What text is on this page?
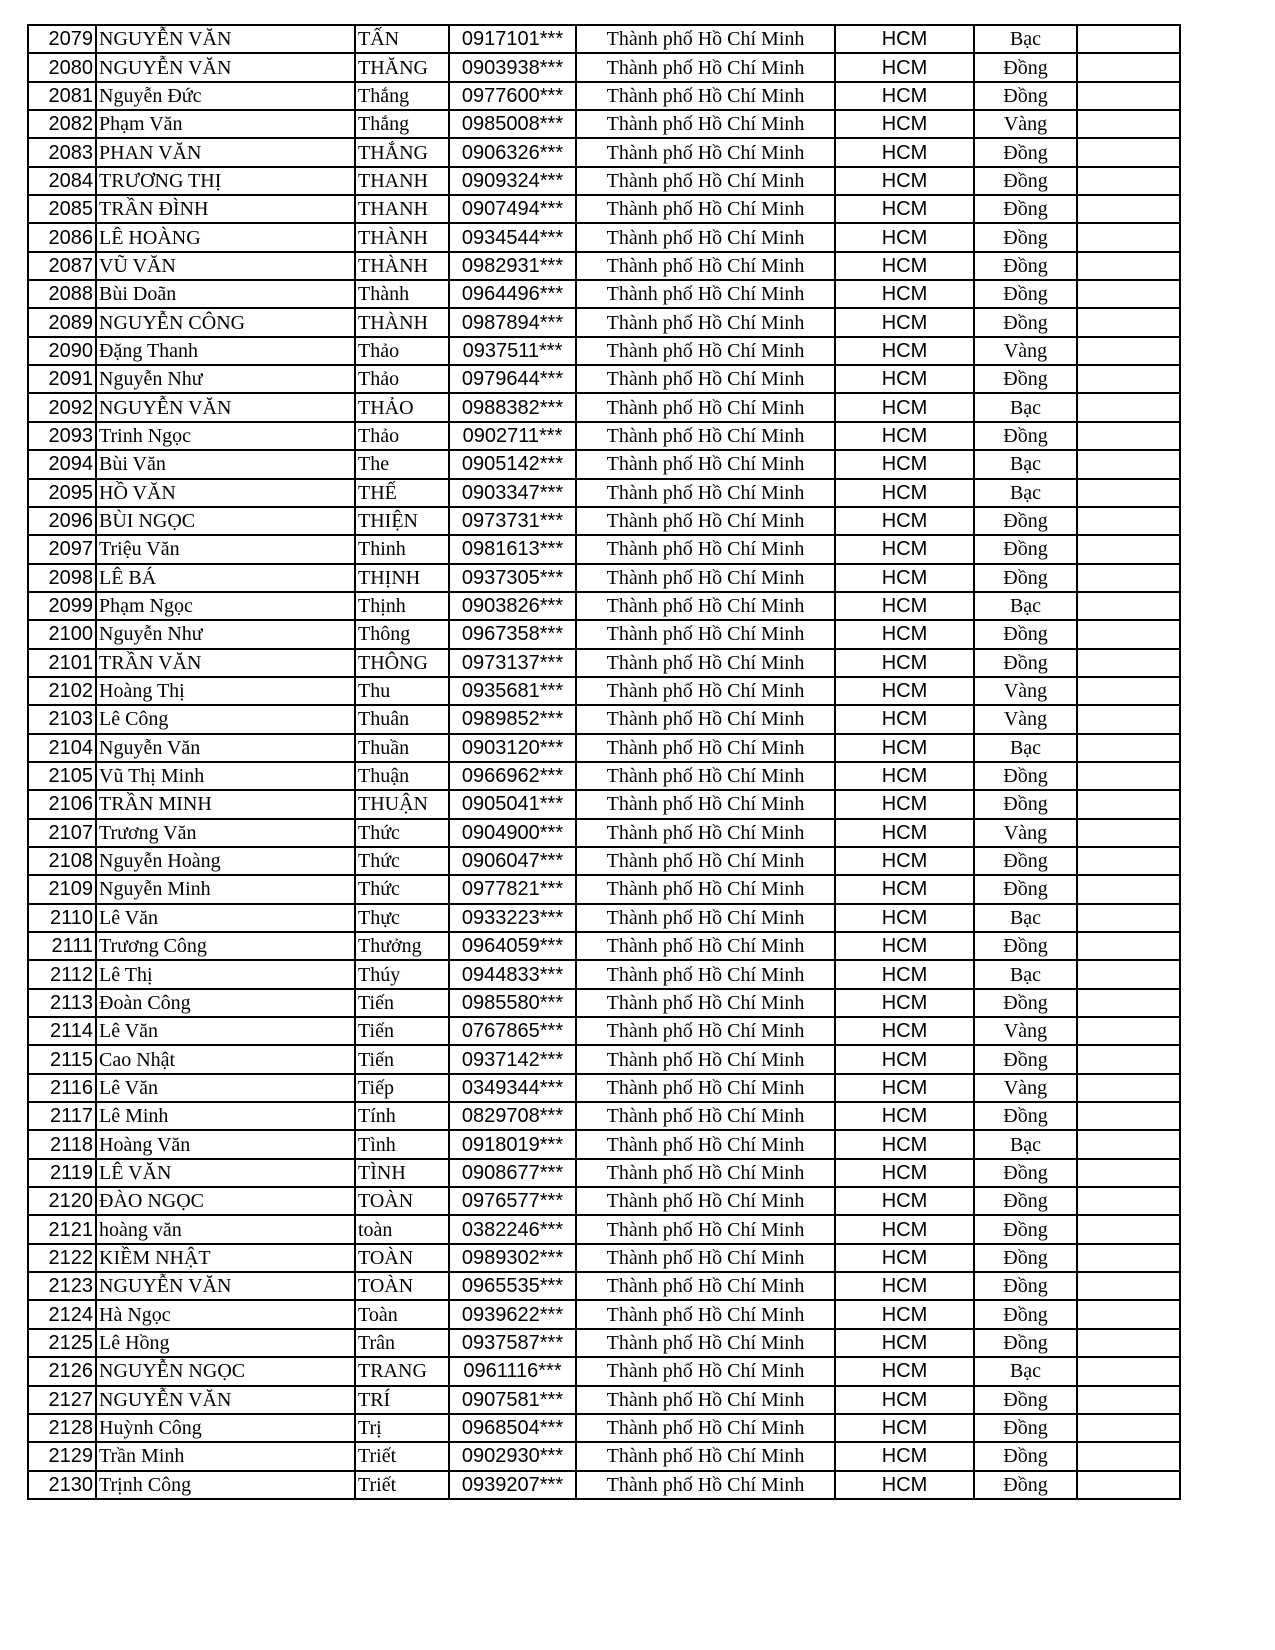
2079	NGUYỄN VĂN	TẤN	0917101***	Thành phố Hồ Chí Minh	HCM	Bạc	
2080	NGUYỄN VĂN	THĂNG	0903938***	Thành phố Hồ Chí Minh	HCM	Đồng	
2081	Nguyễn Đức	Thắng	0977600***	Thành phố Hồ Chí Minh	HCM	Đồng	
2082	Phạm Văn	Thắng	0985008***	Thành phố Hồ Chí Minh	HCM	Vàng	
2083	PHAN VĂN	THẮNG	0906326***	Thành phố Hồ Chí Minh	HCM	Đồng	
2084	TRƯƠNG THỊ	THANH	0909324***	Thành phố Hồ Chí Minh	HCM	Đồng	
2085	TRẦN ĐÌNH	THANH	0907494***	Thành phố Hồ Chí Minh	HCM	Đồng	
2086	LÊ HOÀNG	THÀNH	0934544***	Thành phố Hồ Chí Minh	HCM	Đồng	
2087	VŨ VĂN	THÀNH	0982931***	Thành phố Hồ Chí Minh	HCM	Đồng	
2088	Bùi Doãn	Thành	0964496***	Thành phố Hồ Chí Minh	HCM	Đồng	
2089	NGUYỄN CÔNG	THÀNH	0987894***	Thành phố Hồ Chí Minh	HCM	Đồng	
2090	Đặng Thanh	Thảo	0937511***	Thành phố Hồ Chí Minh	HCM	Vàng	
2091	Nguyễn Như	Thảo	0979644***	Thành phố Hồ Chí Minh	HCM	Đồng	
2092	NGUYỄN VĂN	THẢO	0988382***	Thành phố Hồ Chí Minh	HCM	Bạc	
2093	Trinh Ngọc	Thảo	0902711***	Thành phố Hồ Chí Minh	HCM	Đồng	
2094	Bùi Văn	The	0905142***	Thành phố Hồ Chí Minh	HCM	Bạc	
2095	HỒ VĂN	THẾ	0903347***	Thành phố Hồ Chí Minh	HCM	Bạc	
2096	BÙI NGỌC	THIỆN	0973731***	Thành phố Hồ Chí Minh	HCM	Đồng	
2097	Triệu Văn	Thinh	0981613***	Thành phố Hồ Chí Minh	HCM	Đồng	
2098	LÊ BÁ	THỊNH	0937305***	Thành phố Hồ Chí Minh	HCM	Đồng	
2099	Phạm Ngọc	Thịnh	0903826***	Thành phố Hồ Chí Minh	HCM	Bạc	
2100	Nguyễn Như	Thông	0967358***	Thành phố Hồ Chí Minh	HCM	Đồng	
2101	TRẦN VĂN	THÔNG	0973137***	Thành phố Hồ Chí Minh	HCM	Đồng	
2102	Hoàng Thị	Thu	0935681***	Thành phố Hồ Chí Minh	HCM	Vàng	
2103	Lê Công	Thuân	0989852***	Thành phố Hồ Chí Minh	HCM	Vàng	
2104	Nguyễn Văn	Thuần	0903120***	Thành phố Hồ Chí Minh	HCM	Bạc	
2105	Vũ Thị Minh	Thuận	0966962***	Thành phố Hồ Chí Minh	HCM	Đồng	
2106	TRẦN MINH	THUẬN	0905041***	Thành phố Hồ Chí Minh	HCM	Đồng	
2107	Trương Văn	Thức	0904900***	Thành phố Hồ Chí Minh	HCM	Vàng	
2108	Nguyễn Hoàng	Thức	0906047***	Thành phố Hồ Chí Minh	HCM	Đồng	
2109	Nguyễn Minh	Thức	0977821***	Thành phố Hồ Chí Minh	HCM	Đồng	
2110	Lê Văn	Thực	0933223***	Thành phố Hồ Chí Minh	HCM	Bạc	
2111	Trương Công	Thưởng	0964059***	Thành phố Hồ Chí Minh	HCM	Đồng	
2112	Lê Thị	Thúy	0944833***	Thành phố Hồ Chí Minh	HCM	Bạc	
2113	Đoàn Công	Tiến	0985580***	Thành phố Hồ Chí Minh	HCM	Đồng	
2114	Lê Văn	Tiến	0767865***	Thành phố Hồ Chí Minh	HCM	Vàng	
2115	Cao Nhật	Tiến	0937142***	Thành phố Hồ Chí Minh	HCM	Đồng	
2116	Lê Văn	Tiếp	0349344***	Thành phố Hồ Chí Minh	HCM	Vàng	
2117	Lê Minh	Tính	0829708***	Thành phố Hồ Chí Minh	HCM	Đồng	
2118	Hoàng Văn	Tình	0918019***	Thành phố Hồ Chí Minh	HCM	Bạc	
2119	LÊ VĂN	TÌNH	0908677***	Thành phố Hồ Chí Minh	HCM	Đồng	
2120	ĐÀO NGỌC	TOÀN	0976577***	Thành phố Hồ Chí Minh	HCM	Đồng	
2121	hoàng văn	toàn	0382246***	Thành phố Hồ Chí Minh	HCM	Đồng	
2122	KIỀM NHẬT	TOÀN	0989302***	Thành phố Hồ Chí Minh	HCM	Đồng	
2123	NGUYỄN VĂN	TOÀN	0965535***	Thành phố Hồ Chí Minh	HCM	Đồng	
2124	Hà Ngọc	Toàn	0939622***	Thành phố Hồ Chí Minh	HCM	Đồng	
2125	Lê Hồng	Trân	0937587***	Thành phố Hồ Chí Minh	HCM	Đồng	
2126	NGUYỄN NGỌC	TRANG	0961116***	Thành phố Hồ Chí Minh	HCM	Bạc	
2127	NGUYỄN VĂN	TRÍ	0907581***	Thành phố Hồ Chí Minh	HCM	Đồng	
2128	Huỳnh Công	Trị	0968504***	Thành phố Hồ Chí Minh	HCM	Đồng	
2129	Trần Minh	Triết	0902930***	Thành phố Hồ Chí Minh	HCM	Đồng	
2130	Trịnh Công	Triết	0939207***	Thành phố Hồ Chí Minh	HCM	Đồng	
